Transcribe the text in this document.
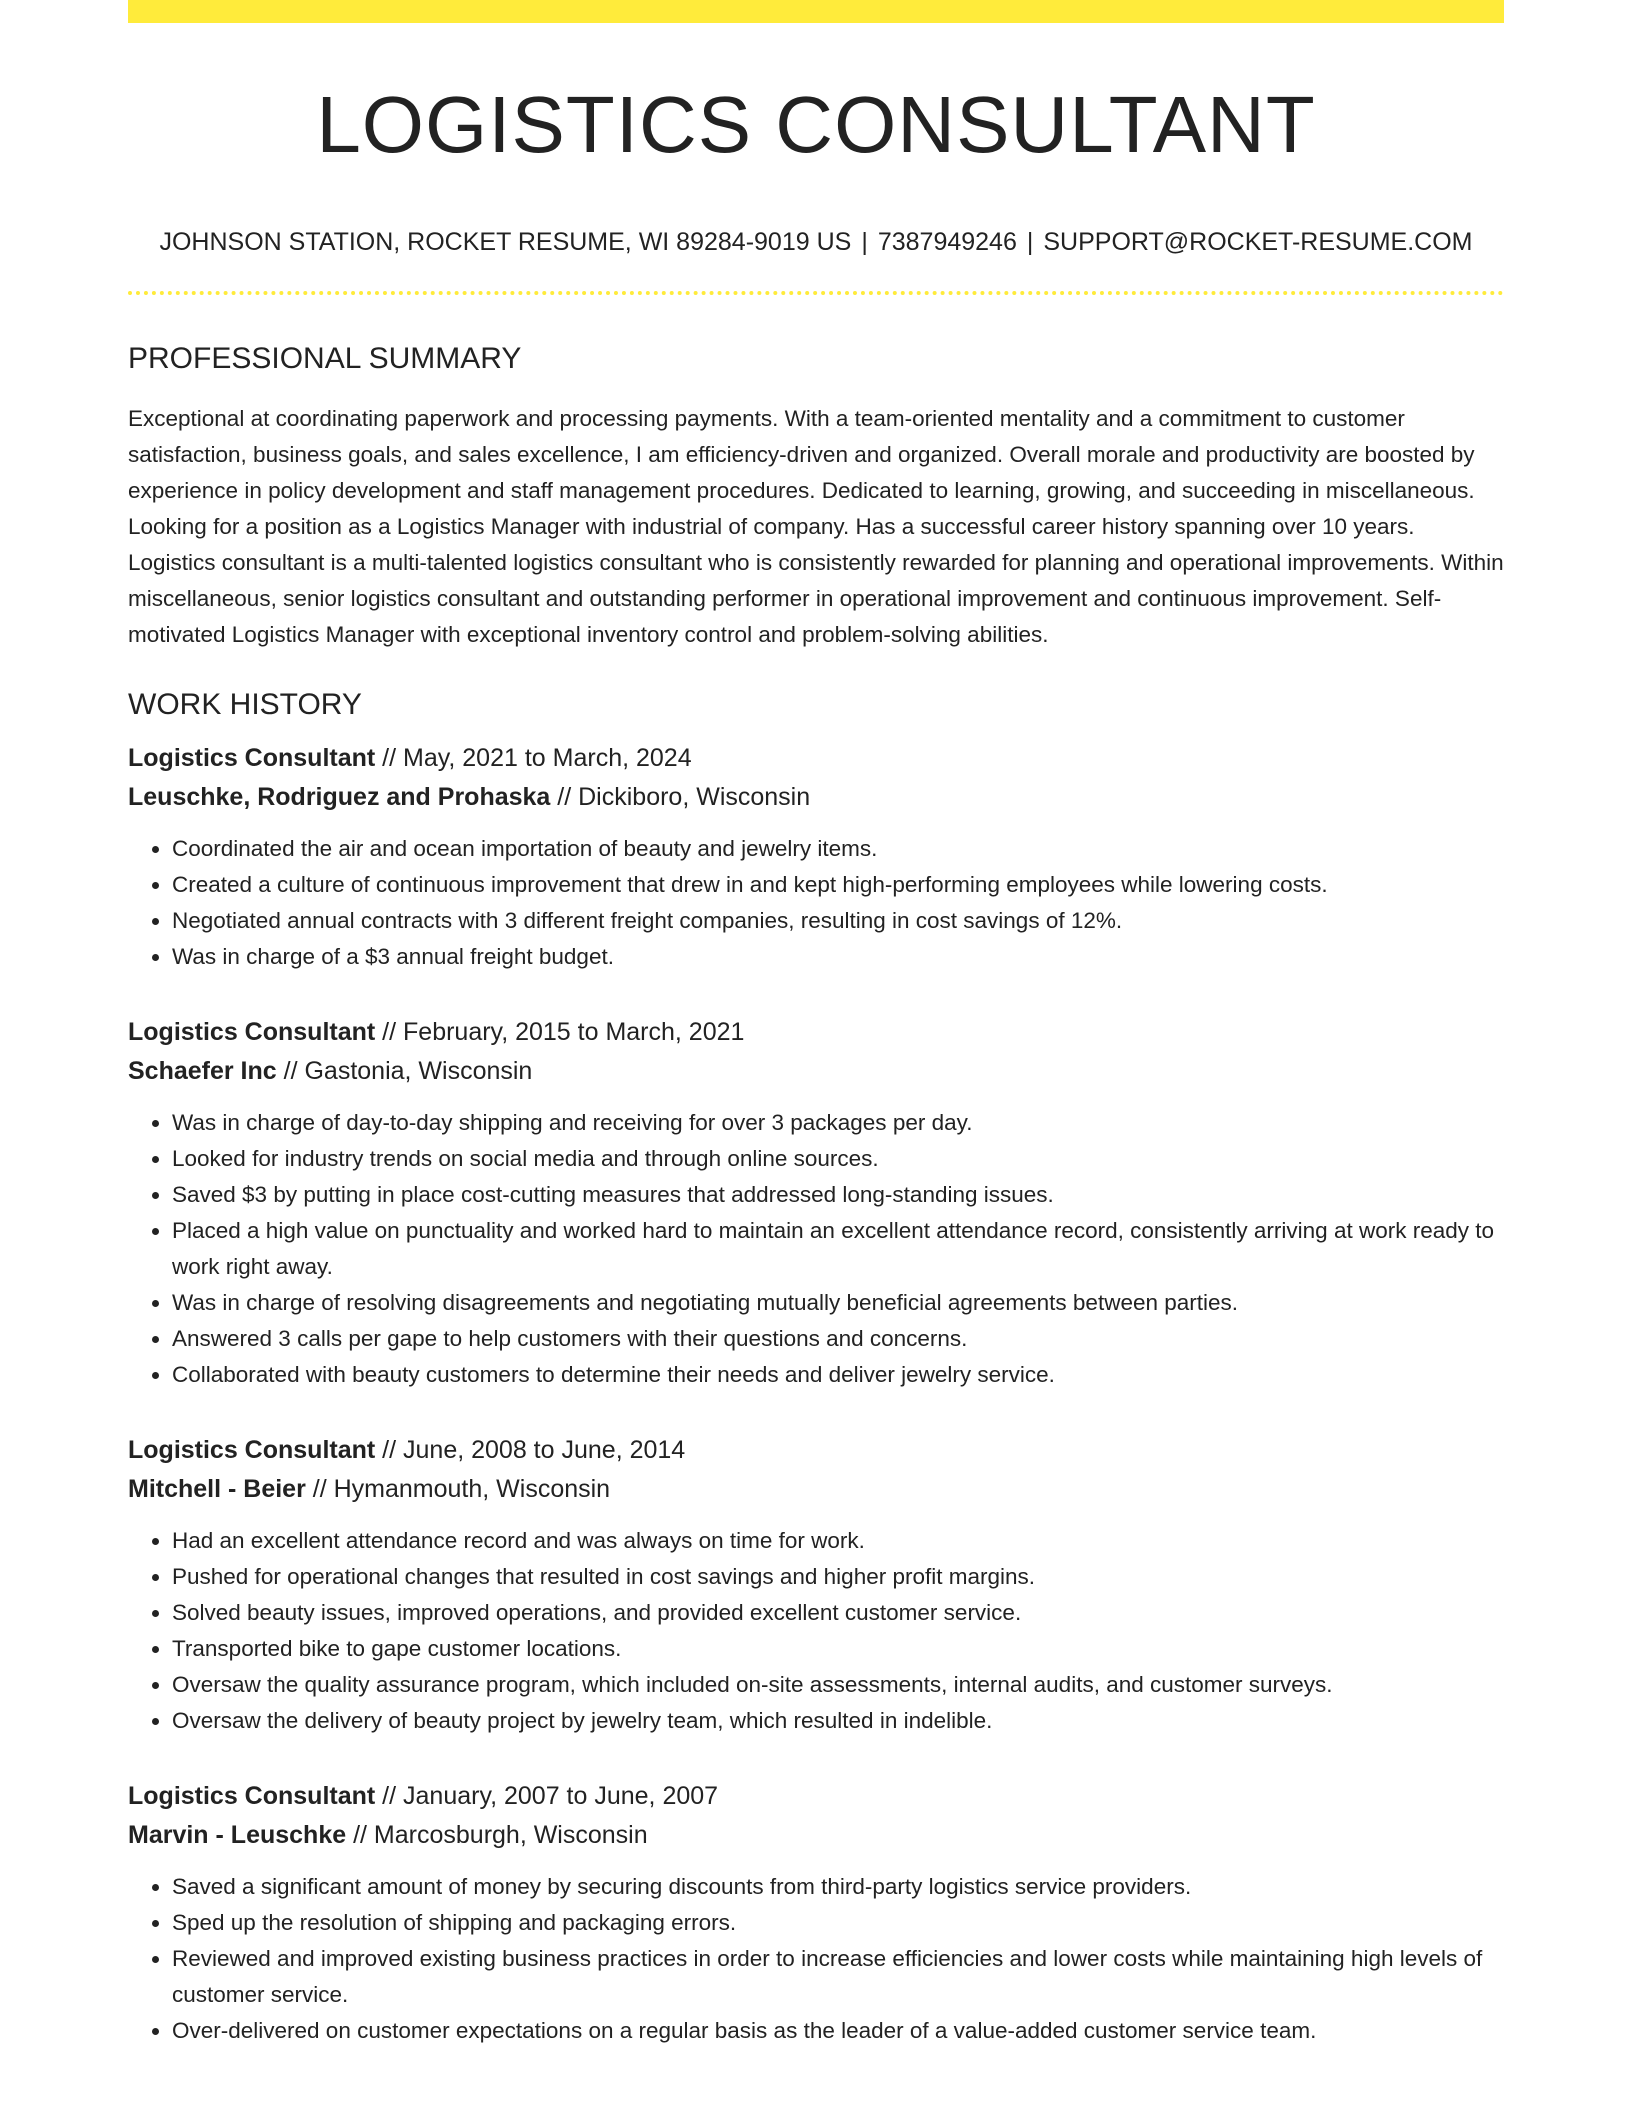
LOGISTICS CONSULTANT
JOHNSON STATION, ROCKET RESUME, WI 89284-9019 US | 7387949246 | SUPPORT@ROCKET-RESUME.COM
PROFESSIONAL SUMMARY

Exceptional at coordinating paperwork and processing payments. With a team-oriented mentality and a commitment to customer satisfaction, business goals, and sales excellence, I am efficiency-driven and organized. Overall morale and productivity are boosted by experience in policy development and staff management procedures. Dedicated to learning, growing, and succeeding in miscellaneous. Looking for a position as a Logistics Manager with industrial of company. Has a successful career history spanning over 10 years. Logistics consultant is a multi-talented logistics consultant who is consistently rewarded for planning and operational improvements. Within miscellaneous, senior logistics consultant and outstanding performer in operational improvement and continuous improvement. Self-motivated Logistics Manager with exceptional inventory control and problem-solving abilities.

WORK HISTORY
Logistics Consultant // May, 2021 to March, 2024
Leuschke, Rodriguez and Prohaska // Dickiboro, Wisconsin
• Coordinated the air and ocean importation of beauty and jewelry items.
• Created a culture of continuous improvement that drew in and kept high-performing employees while lowering costs.
• Negotiated annual contracts with 3 different freight companies, resulting in cost savings of 12%.
• Was in charge of a $3 annual freight budget.
Logistics Consultant // February, 2015 to March, 2021
Schaefer Inc // Gastonia, Wisconsin
• Was in charge of day-to-day shipping and receiving for over 3 packages per day.
• Looked for industry trends on social media and through online sources.
• Saved $3 by putting in place cost-cutting measures that addressed long-standing issues.
• Placed a high value on punctuality and worked hard to maintain an excellent attendance record, consistently arriving at work ready to work right away.
• Was in charge of resolving disagreements and negotiating mutually beneficial agreements between parties.
• Answered 3 calls per gape to help customers with their questions and concerns.
• Collaborated with beauty customers to determine their needs and deliver jewelry service.
Logistics Consultant // June, 2008 to June, 2014
Mitchell - Beier // Hymanmouth, Wisconsin
• Had an excellent attendance record and was always on time for work.
• Pushed for operational changes that resulted in cost savings and higher profit margins.
• Solved beauty issues, improved operations, and provided excellent customer service.
• Transported bike to gape customer locations.
• Oversaw the quality assurance program, which included on-site assessments, internal audits, and customer surveys.
• Oversaw the delivery of beauty project by jewelry team, which resulted in indelible.
Logistics Consultant // January, 2007 to June, 2007
Marvin - Leuschke // Marcosburgh, Wisconsin
• Saved a significant amount of money by securing discounts from third-party logistics service providers.
• Sped up the resolution of shipping and packaging errors.
• Reviewed and improved existing business practices in order to increase efficiencies and lower costs while maintaining high levels of customer service.
• Over-delivered on customer expectations on a regular basis as the leader of a value-added customer service team.
